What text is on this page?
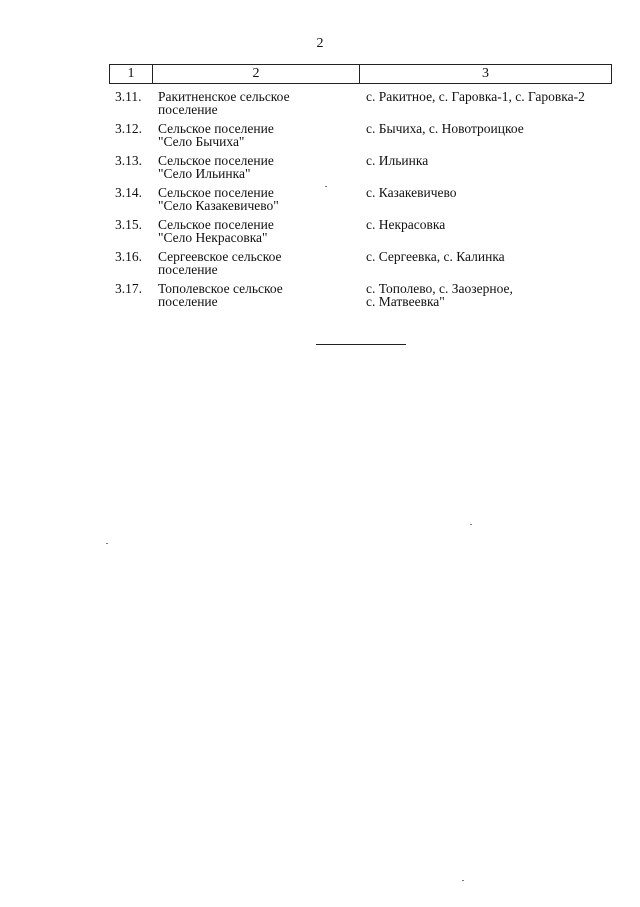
2
1	2	3
3.11. Ракитненское сельское
поселение
с. Ракитное, с. Гаровка-1, с. Гаровка-2
3.12. Сельское поселение
"Село Бычиха"
с. Бычиха, с. Новотроицкое
3.13. Сельское поселение
"Село Ильинка"
с. Ильинка
3.14. Сельское поселение
"Село Казакевичево"
с. Казакевичево
3.15. Сельское поселение
"Село Некрасовка"
с. Некрасовка
3.16. Сергеевское сельское
поселение
с. Сергеевка, с. Калинка
3.17. Тополевское сельское
поселение
с. Тополево, с. Заозерное,
с. Матвеевка"
